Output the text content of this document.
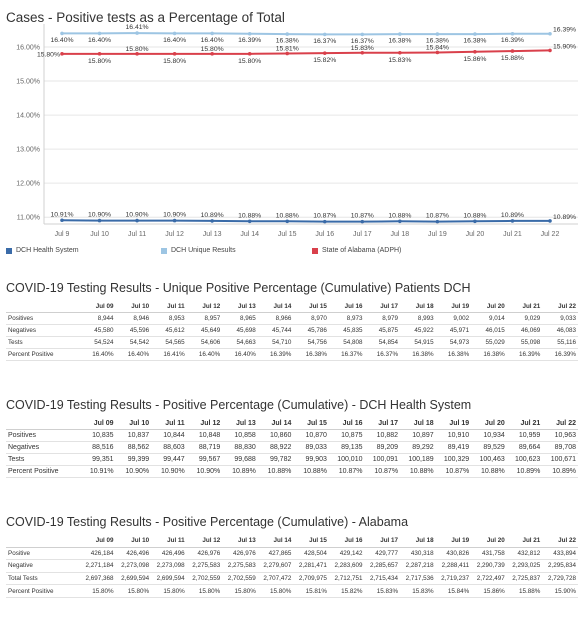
Cases - Positive tests as a Percentage of Total
11.00%
12.00%
13.00%
14.00%
15.00%
16.00%
Jul 9	Jul 10	Jul 11	Jul 12	Jul 13	Jul 14	Jul 15	Jul 16	Jul 17	Jul 18	Jul 19	Jul 20	Jul 21	Jul 22
10.91% 10.90% 10.90% 10.90% 10.89% 10.88% 10.88% 10.87% 10.87% 10.88% 10.87% 10.88% 10.89%	10.89%
16.40% 16.40%
16.41%
16.40% 16.40% 16.39% 16.38% 16.37% 16.37% 16.38% 16.38% 16.38% 16.39%
16.39%
15.80%
15.80%
15.80%
15.80%
15.80%
15.80%
15.81%
15.82%
15.83%
15.83%
15.84%
15.86% 15.88%
15.90%
DCH Health System	DCH Unique Results	State of Alabama (ADPH)
COVID-19 Testing Results - Unique Positive Percentage (Cumulative) Patients DCH
	Jul 09	Jul 10	Jul 11	Jul 12	Jul 13	Jul 14	Jul 15	Jul 16	Jul 17	Jul 18	Jul 19	Jul 20	Jul 21	Jul 22
Positives	8,944	8,946	8,953	8,957	8,965	8,966	8,970	8,973	8,979	8,993	9,002	9,014	9,029	9,033
Negatives	45,580	45,596	45,612	45,649	45,698	45,744	45,786	45,835	45,875	45,922	45,971	46,015	46,069	46,083
Tests	54,524	54,542	54,565	54,606	54,663	54,710	54,756	54,808	54,854	54,915	54,973	55,029	55,098	55,116
Percent Positive	16.40%	16.40%	16.41%	16.40%	16.40%	16.39%	16.38%	16.37%	16.37%	16.38%	16.38%	16.38%	16.39%	16.39%
COVID-19 Testing Results - Positive Percentage (Cumulative) - DCH Health System
	Jul 09	Jul 10	Jul 11	Jul 12	Jul 13	Jul 14	Jul 15	Jul 16	Jul 17	Jul 18	Jul 19	Jul 20	Jul 21	Jul 22
Positives	10,835	10,837	10,844	10,848	10,858	10,860	10,870	10,875	10,882	10,897	10,910	10,934	10,959	10,963
Negatives	88,516	88,562	88,603	88,719	88,830	88,922	89,033	89,135	89,209	89,292	89,419	89,529	89,664	89,708
Tests	99,351	99,399	99,447	99,567	99,688	99,782	99,903	100,010	100,091	100,189	100,329	100,463	100,623	100,671
Percent Positive	10.91%	10.90%	10.90%	10.90%	10.89%	10.88%	10.88%	10.87%	10.87%	10.88%	10.87%	10.88%	10.89%	10.89%
COVID-19 Testing Results - Positive Percentage (Cumulative) - Alabama
	Jul 09	Jul 10	Jul 11	Jul 12	Jul 13	Jul 14	Jul 15	Jul 16	Jul 17	Jul 18	Jul 19	Jul 20	Jul 21	Jul 22
Positive	426,184	426,496	426,496	426,976	426,976	427,865	428,504	429,142	429,777	430,318	430,826	431,758	432,812	433,894
Negative	2,271,184	2,273,098	2,273,098	2,275,583	2,275,583	2,279,607	2,281,471	2,283,609	2,285,657	2,287,218	2,288,411	2,290,739	2,293,025	2,295,834
Total Tests	2,697,368	2,699,594	2,699,594	2,702,559	2,702,559	2,707,472	2,709,975	2,712,751	2,715,434	2,717,536	2,719,237	2,722,497	2,725,837	2,729,728
Percent Positive	15.80%	15.80%	15.80%	15.80%	15.80%	15.80%	15.81%	15.82%	15.83%	15.83%	15.84%	15.86%	15.88%	15.90%
